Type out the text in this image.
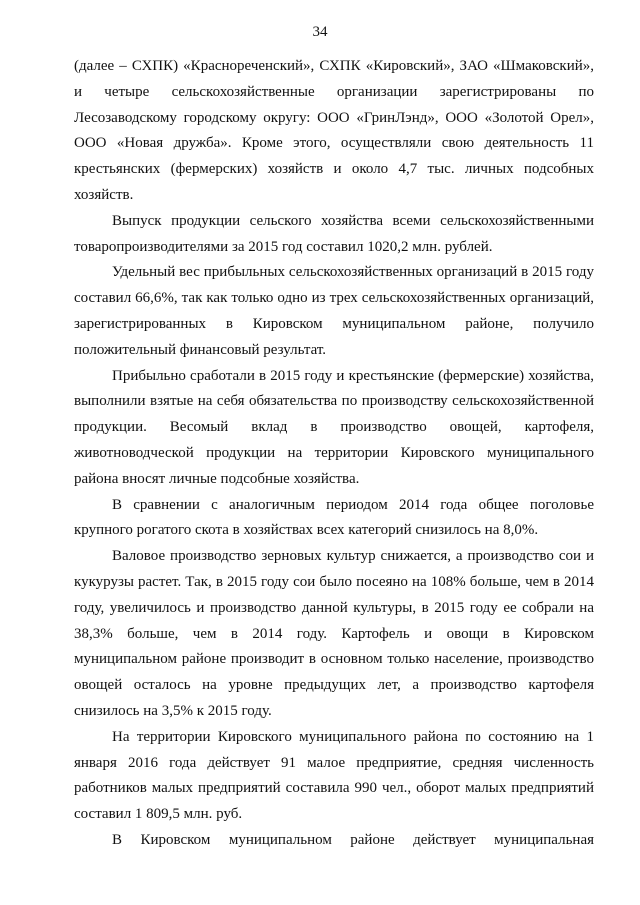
34

(далее – СХПК) «Краснореченский», СХПК «Кировский», ЗАО «Шмаковский», и четыре сельскохозяйственные организации зарегистрированы по Лесозаводскому городскому округу: ООО «ГринЛэнд», ООО «Золотой Орел», ООО «Новая дружба». Кроме этого, осуществляли свою деятельность 11 крестьянских (фермерских) хозяйств и около 4,7 тыс. личных подсобных хозяйств.

Выпуск продукции сельского хозяйства всеми сельскохозяйственными товаропроизводителями за 2015 год составил 1020,2 млн. рублей.

Удельный вес прибыльных сельскохозяйственных организаций в 2015 году составил 66,6%, так как только одно из трех сельскохозяйственных организаций, зарегистрированных в Кировском муниципальном районе, получило положительный финансовый результат.

Прибыльно сработали в 2015 году и крестьянские (фермерские) хозяйства, выполнили взятые на себя обязательства по производству сельскохозяйственной продукции. Весомый вклад в производство овощей, картофеля, животноводческой продукции на территории Кировского муниципального района вносят личные подсобные хозяйства.

В сравнении с аналогичным периодом 2014 года общее поголовье крупного рогатого скота в хозяйствах всех категорий снизилось на 8,0%.

Валовое производство зерновых культур снижается, а производство сои и кукурузы растет. Так, в 2015 году сои было посеяно на 108% больше, чем в 2014 году, увеличилось и производство данной культуры, в 2015 году ее собрали на 38,3% больше, чем в 2014 году. Картофель и овощи в Кировском муниципальном районе производит в основном только население, производство овощей осталось на уровне предыдущих лет, а производство картофеля снизилось на 3,5% к 2015 году.

На территории Кировского муниципального района по состоянию на 1 января 2016 года действует 91 малое предприятие, средняя численность работников малых предприятий составила 990 чел., оборот малых предприятий составил 1 809,5 млн. руб.

В Кировском муниципальном районе действует муниципальная
